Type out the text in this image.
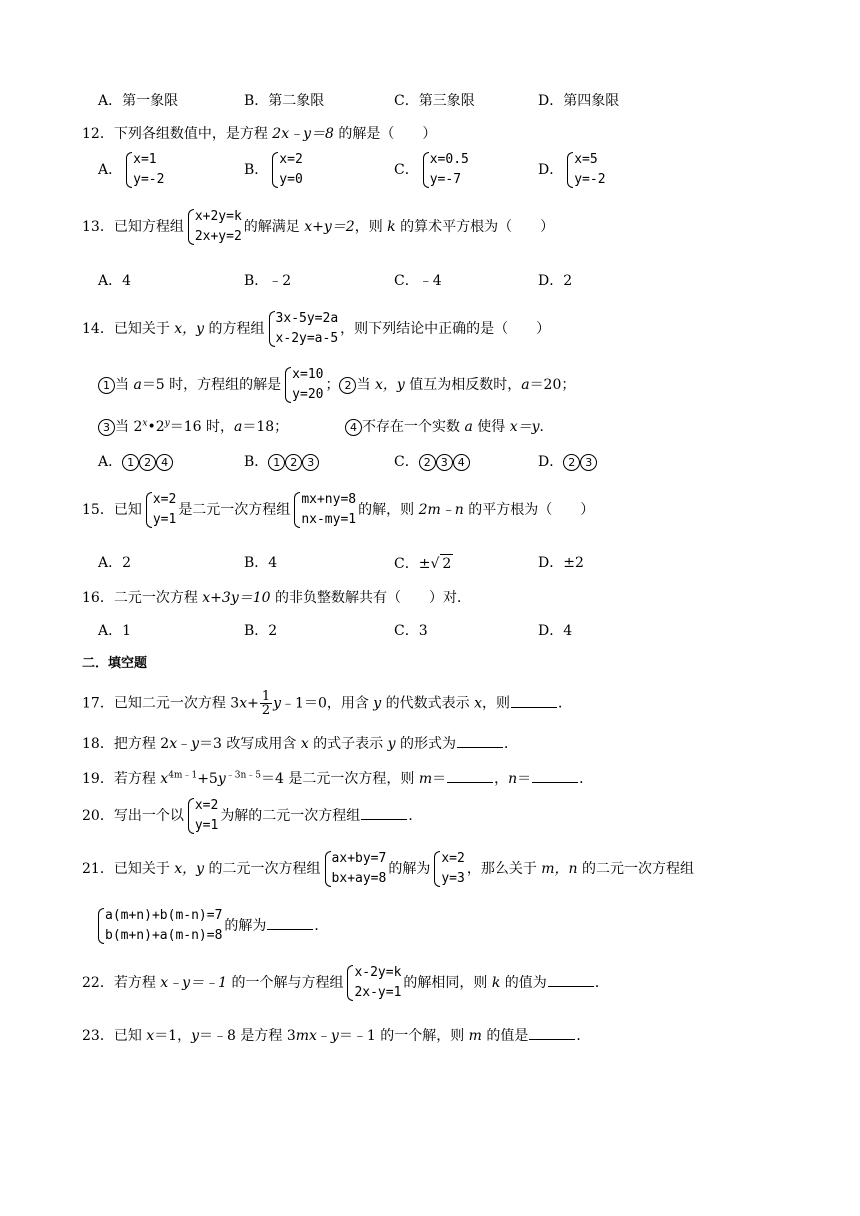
A．第一象限	B．第二象限	C．第三象限	D．第四象限
12．下列各组数值中，是方程 2x﹣y＝8 的解是（　　）
A．
x=1
y=-2
B．
x=2
y=0
C．
x=0.5
y=-7
D．
x=5
y=-2
13．已知方程组
x+2y=k
2x+y=2
的解满足 x+y＝2，则 k 的算术平方根为（　　）
A．4	B．﹣2	C．﹣4	D．2
14．已知关于 x，y 的方程组
3x-5y=2a
x-2y=a-5
，则下列结论中正确的是（　　）
1 当 a＝5 时，方程组的解是
x=10
y=20
； 2 当 x，y 值互为相反数时，a＝20；
3 当 $2^x•2^y=16$ 时，a＝18；	4 不存在一个实数 a 使得 x＝y．
A． 1 2 4	B． 1 2 3	C． 2 3 4	D． 2 3
15．已知
x=2
y=1
是二元一次方程组
mx+ny=8
nx-my=1
的解，则 2m﹣n 的平方根为（　　）
A．2	B．4	C．±√ 2	D．±2
16．二元一次方程 x+3y＝10 的非负整数解共有（　　）对．
A．1	B．2	C．3	D．4
二．填空题
17．已知二元一次方程 $3x+ \frac{1}{2}$ y﹣1＝0，用含 y 的代数式表示 x，则	．
18．把方程 2x﹣y＝3 改写成用含 x 的式子表示 y 的形式为	．
19．若方程 $x^{4m﹣1}+5y^{﹣3n﹣5}=4$ 是二元一次方程，则 m＝	，n＝	．
20．写出一个以
x=2
y=1
为解的二元一次方程组	．
21．已知关于 x，y 的二元一次方程组
ax+by=7
bx+ay=8
的解为
x=2
y=3
，那么关于 m，n 的二元一次方程组
a(m+n)+b(m-n)=7
b(m+n)+a(m-n)=8
的解为	．
22．若方程 x﹣y＝﹣1 的一个解与方程组
x-2y=k
2x-y=1
的解相同，则 k 的值为	．
23．已知 x＝1，y＝﹣8 是方程 3mx﹣y＝﹣1 的一个解，则 m 的值是	．
